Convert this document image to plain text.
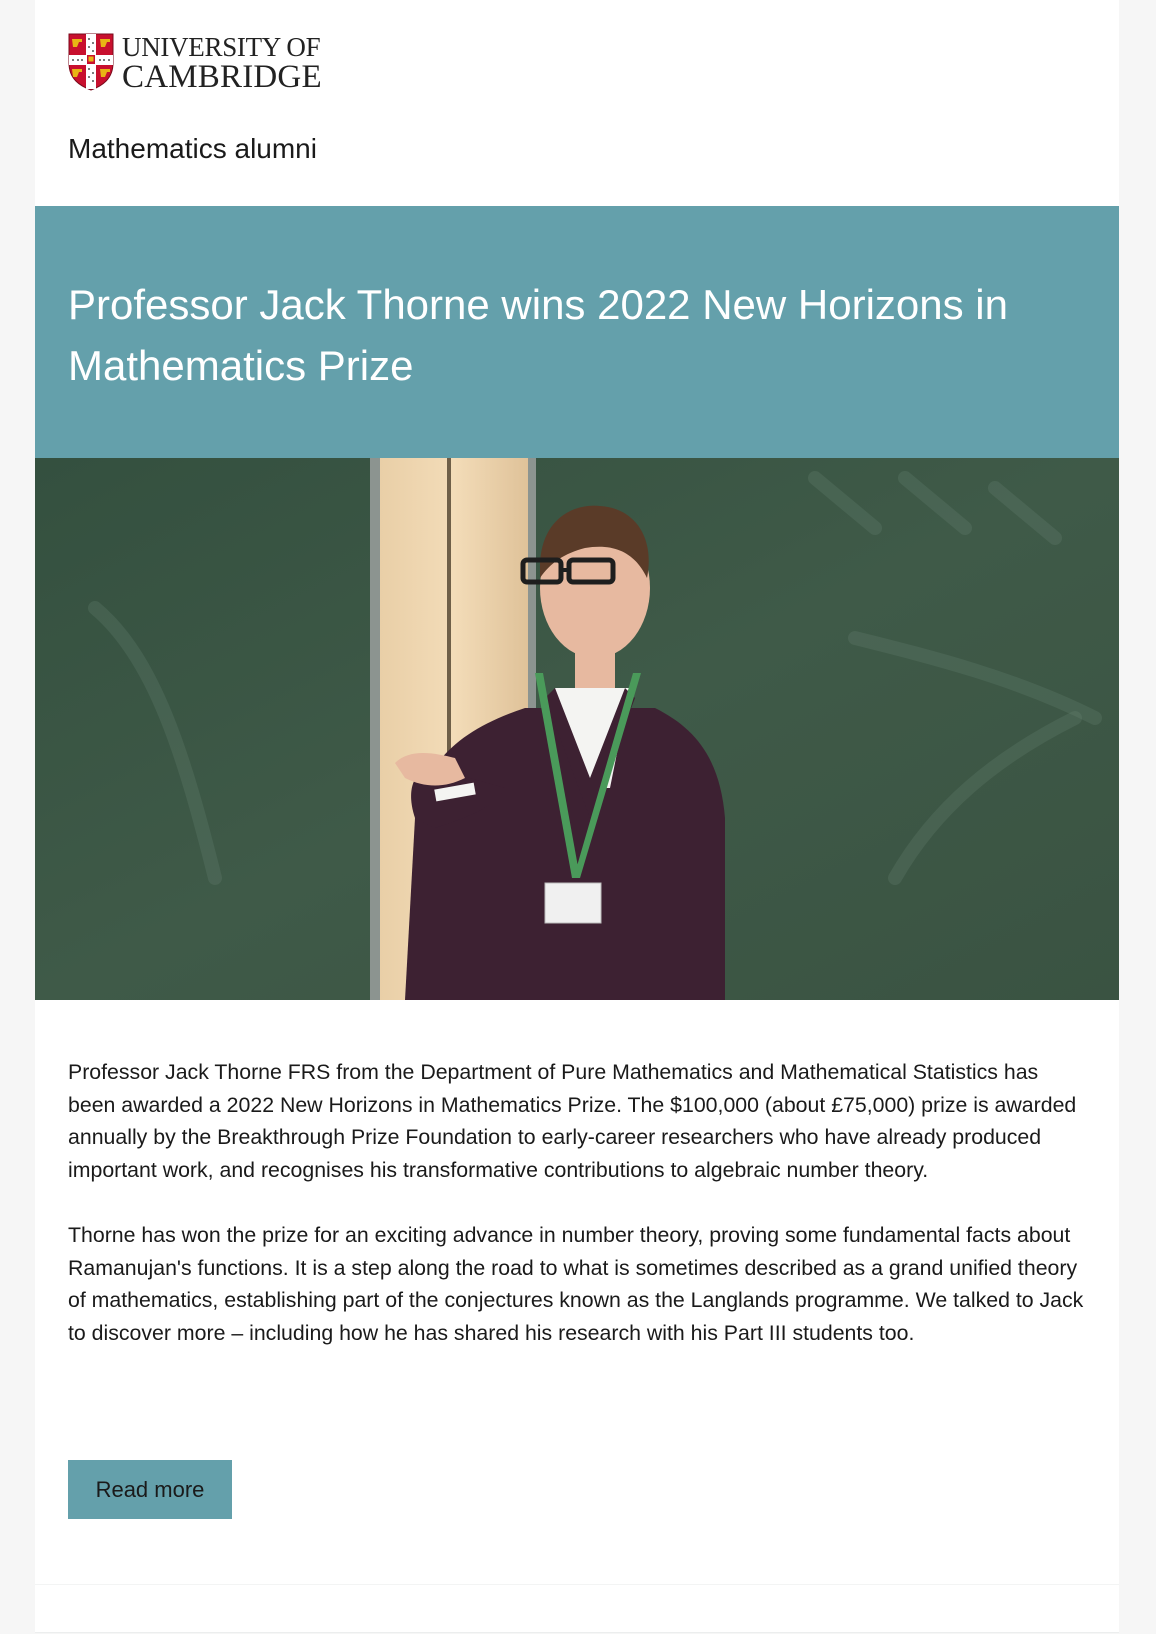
UNIVERSITY OF
CAMBRIDGE
Mathematics alumni
Professor Jack Thorne wins 2022 New Horizons in Mathematics Prize

Professor Jack Thorne FRS from the Department of Pure Mathematics and Mathematical Statistics has been awarded a 2022 New Horizons in Mathematics Prize. The $100,000 (about £75,000) prize is awarded annually by the Breakthrough Prize Foundation to early-career researchers who have already produced important work, and recognises his transformative contributions to algebraic number theory.

Thorne has won the prize for an exciting advance in number theory, proving some fundamental facts about Ramanujan's functions. It is a step along the road to what is sometimes described as a grand unified theory of mathematics, establishing part of the conjectures known as the Langlands programme. We talked to Jack to discover more – including how he has shared his research with his Part III students too.

Read more
